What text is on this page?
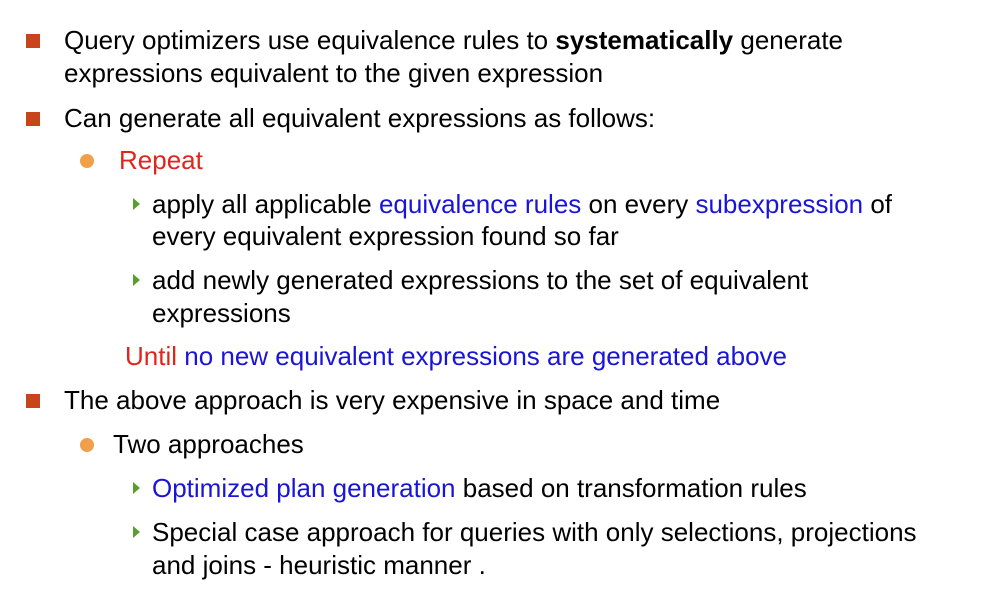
Query optimizers use equivalence rules to systematically generate
expressions equivalent to the given expression
Can generate all equivalent expressions as follows:
Repeat
apply all applicable equivalence rules on every subexpression of
every equivalent expression found so far
add newly generated expressions to the set of equivalent
expressions
Until no new equivalent expressions are generated above
The above approach is very expensive in space and time
Two approaches
Optimized plan generation based on transformation rules
Special case approach for queries with only selections, projections
and joins - heuristic manner .
